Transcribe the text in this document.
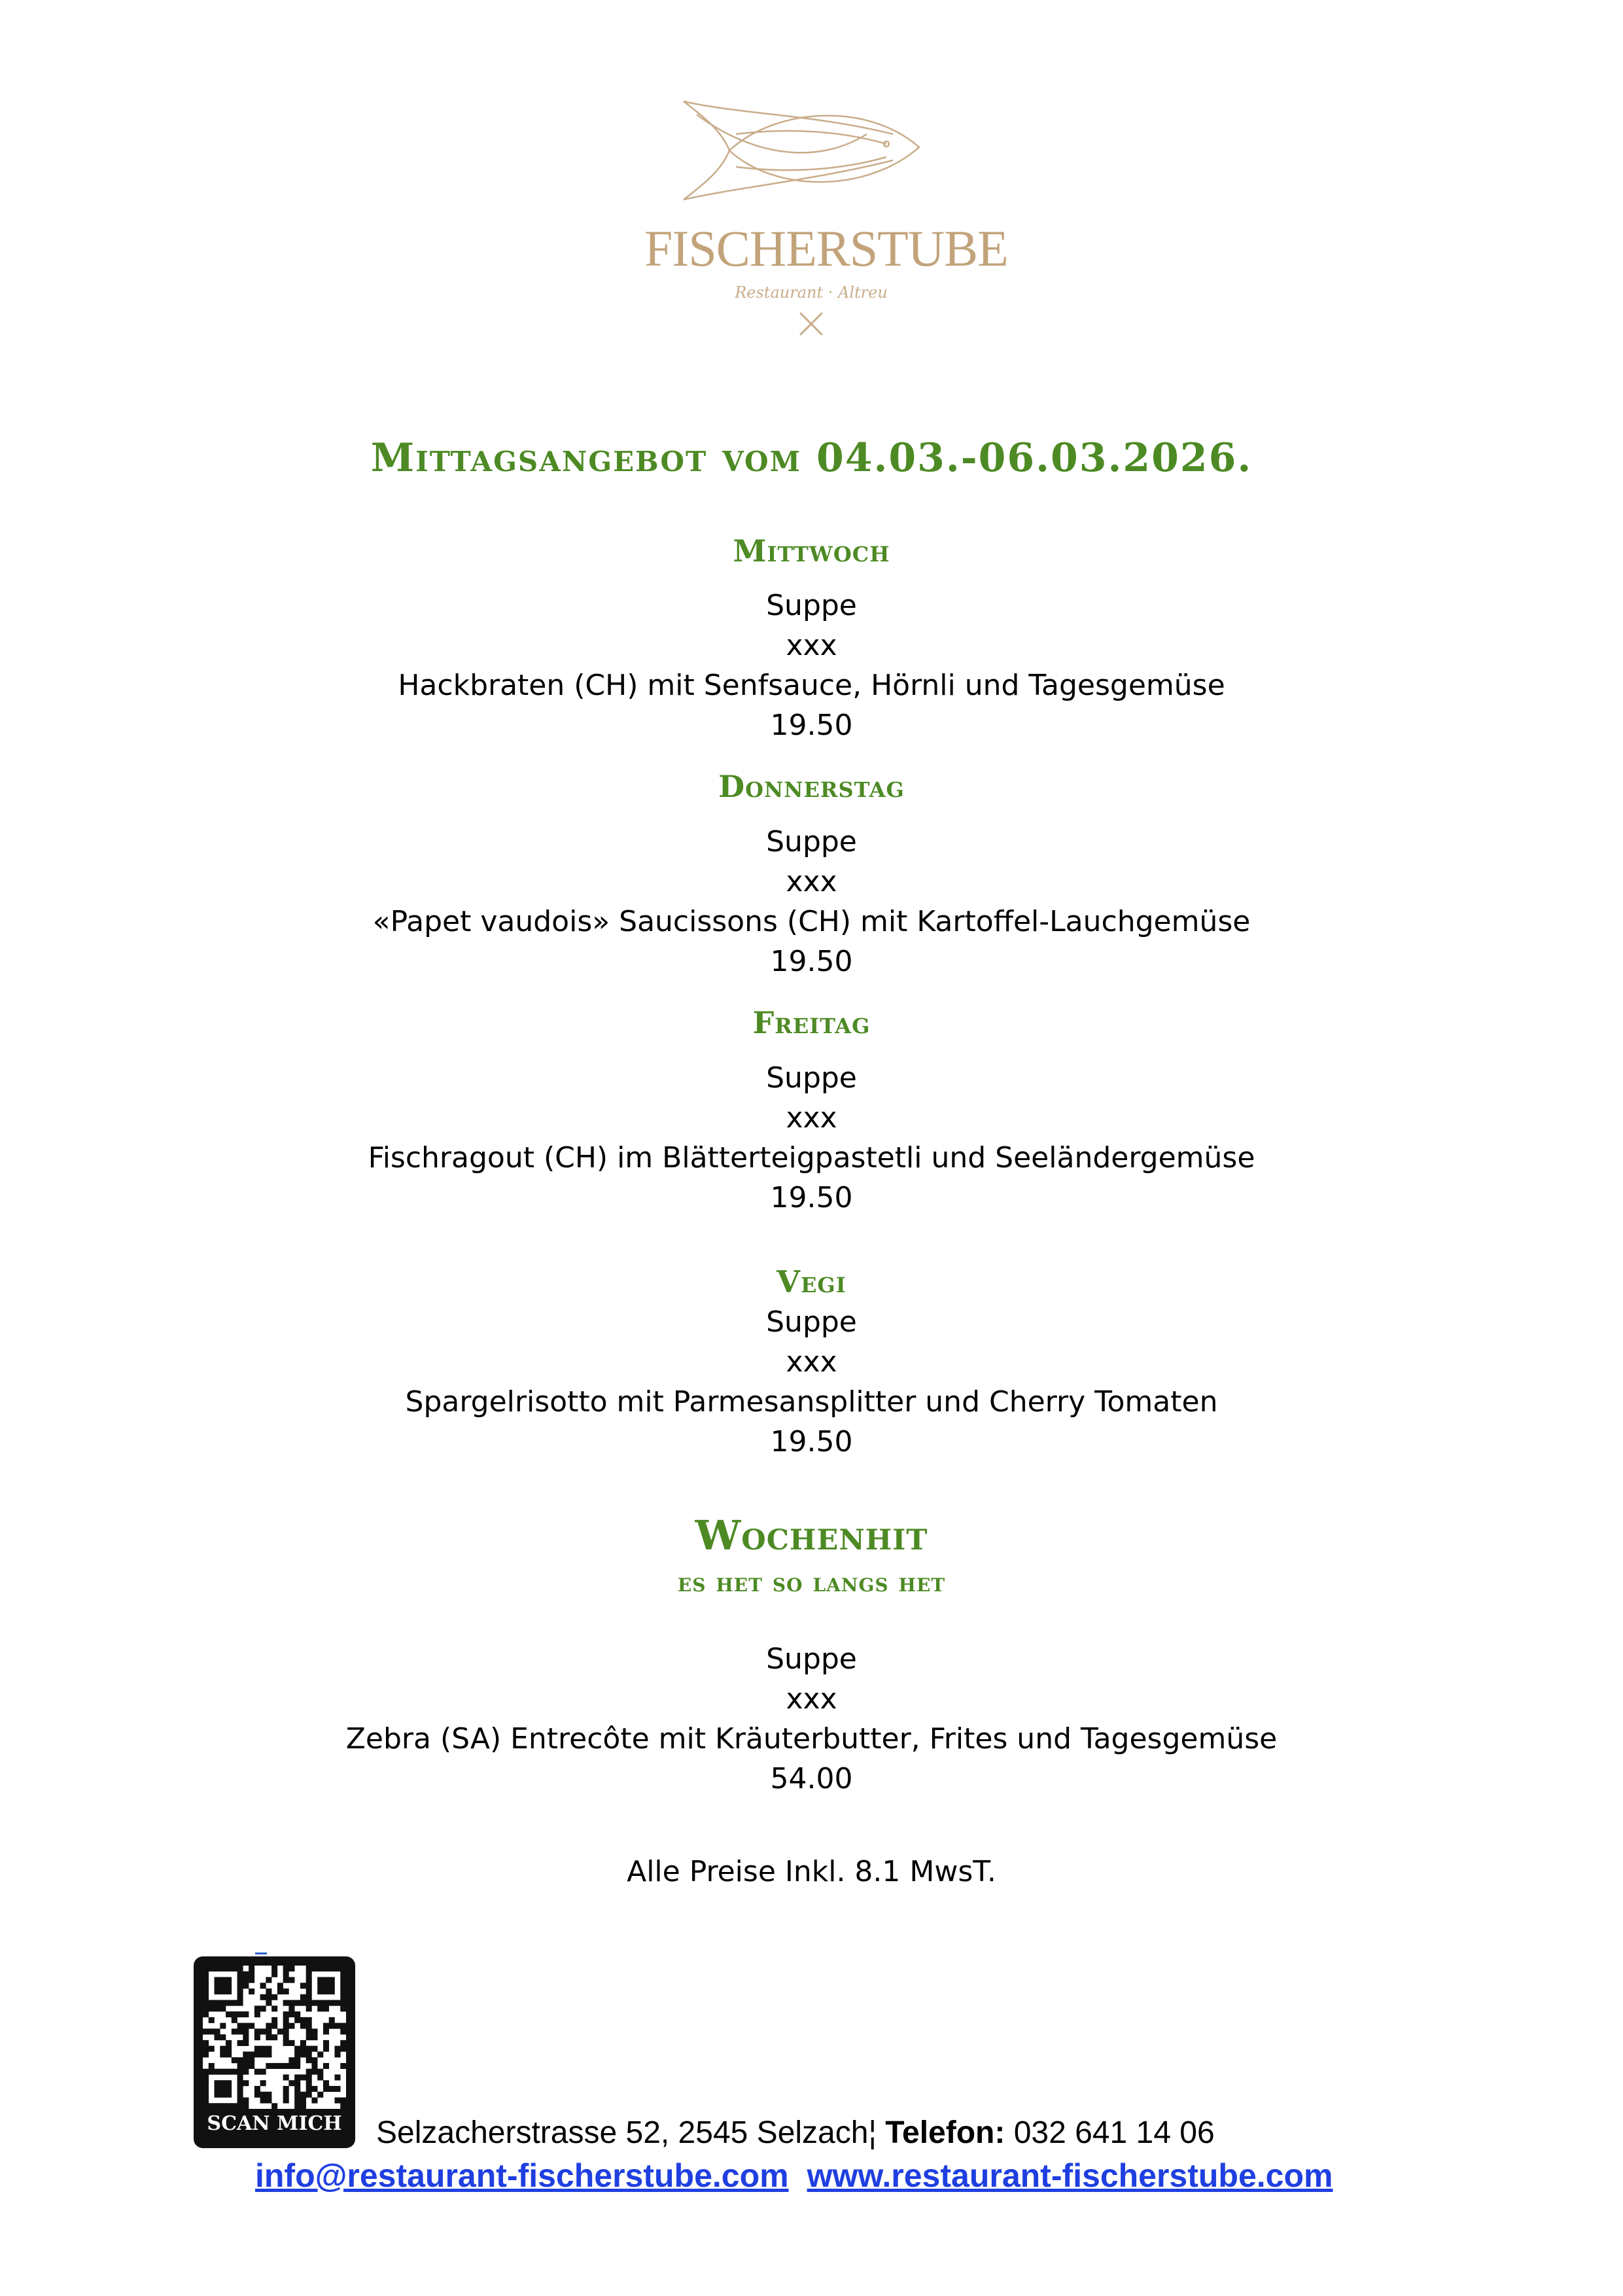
FISCHERSTUBE
Restaurant · Altreu
Mittagsangebot vom 04.03.-06.03.2026.
Mittwoch
Suppe
xxx
Hackbraten (CH) mit Senfsauce, Hörnli und Tagesgemüse
19.50
Donnerstag
Suppe
xxx
«Papet vaudois» Saucissons (CH) mit Kartoffel-Lauchgemüse
19.50
Freitag
Suppe
xxx
Fischragout (CH) im Blätterteigpastetli und Seeländergemüse
19.50
Vegi
Suppe
xxx
Spargelrisotto mit Parmesansplitter und Cherry Tomaten
19.50
Wochenhit
es het so langs het
Suppe
xxx
Zebra (SA) Entrecôte mit Kräuterbutter, Frites und Tagesgemüse
54.00
Alle Preise Inkl. 8.1 MwsT.
SCAN MICH	Selzacherstrasse 52, 2545 Selzach¦ Telefon: 032 641 14 06
info@restaurant-fischerstube.com www.restaurant-fischerstube.com
